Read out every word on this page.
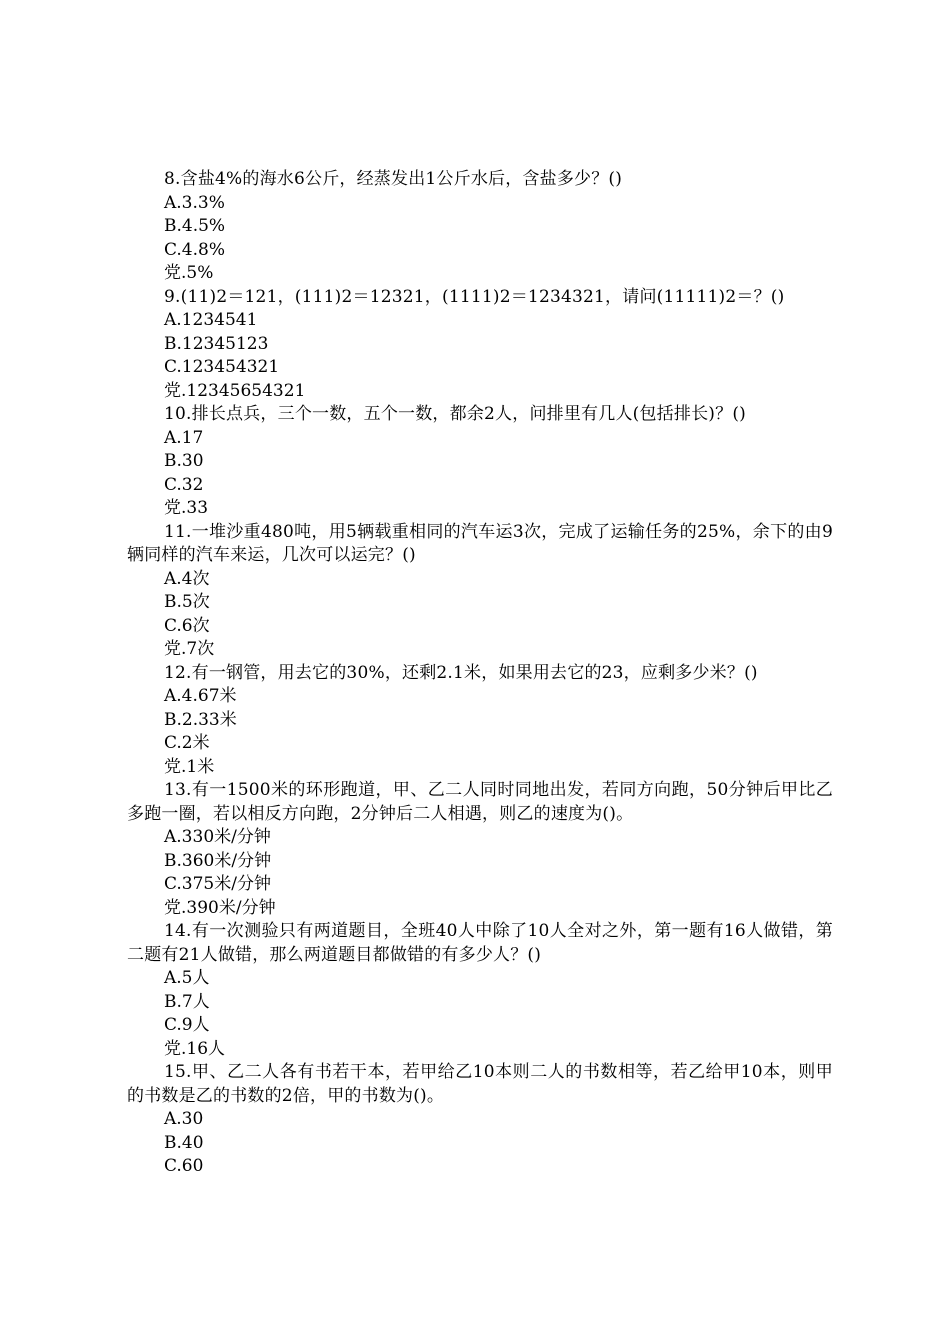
8.含盐4%的海水6公斤，经蒸发出1公斤水后，含盐多少？()

A.3.3%

B.4.5%

C.4.8%

党.5%

9.(11)2＝121，(111)2＝12321，(1111)2＝1234321，请问(11111)2＝？()

A.1234541

B.12345123

C.123454321

党.12345654321

10.排长点兵，三个一数，五个一数，都余2人，问排里有几人(包括排长)？()

A.17

B.30

C.32

党.33

11.一堆沙重480吨，用5辆载重相同的汽车运3次，完成了运输任务的25%，余下的由9辆同样的汽车来运，几次可以运完？()

A.4次

B.5次

C.6次

党.7次

12.有一钢管，用去它的30%，还剩2.1米，如果用去它的23，应剩多少米？()

A.4.67米

B.2.33米

C.2米

党.1米

13.有一1500米的环形跑道，甲、乙二人同时同地出发，若同方向跑，50分钟后甲比乙多跑一圈，若以相反方向跑，2分钟后二人相遇，则乙的速度为()。

A.330米/分钟

B.360米/分钟

C.375米/分钟

党.390米/分钟

14.有一次测验只有两道题目，全班40人中除了10人全对之外，第一题有16人做错，第二题有21人做错，那么两道题目都做错的有多少人？()

A.5人

B.7人

C.9人

党.16人

15.甲、乙二人各有书若干本，若甲给乙10本则二人的书数相等，若乙给甲10本，则甲的书数是乙的书数的2倍，甲的书数为()。

A.30

B.40

C.60
